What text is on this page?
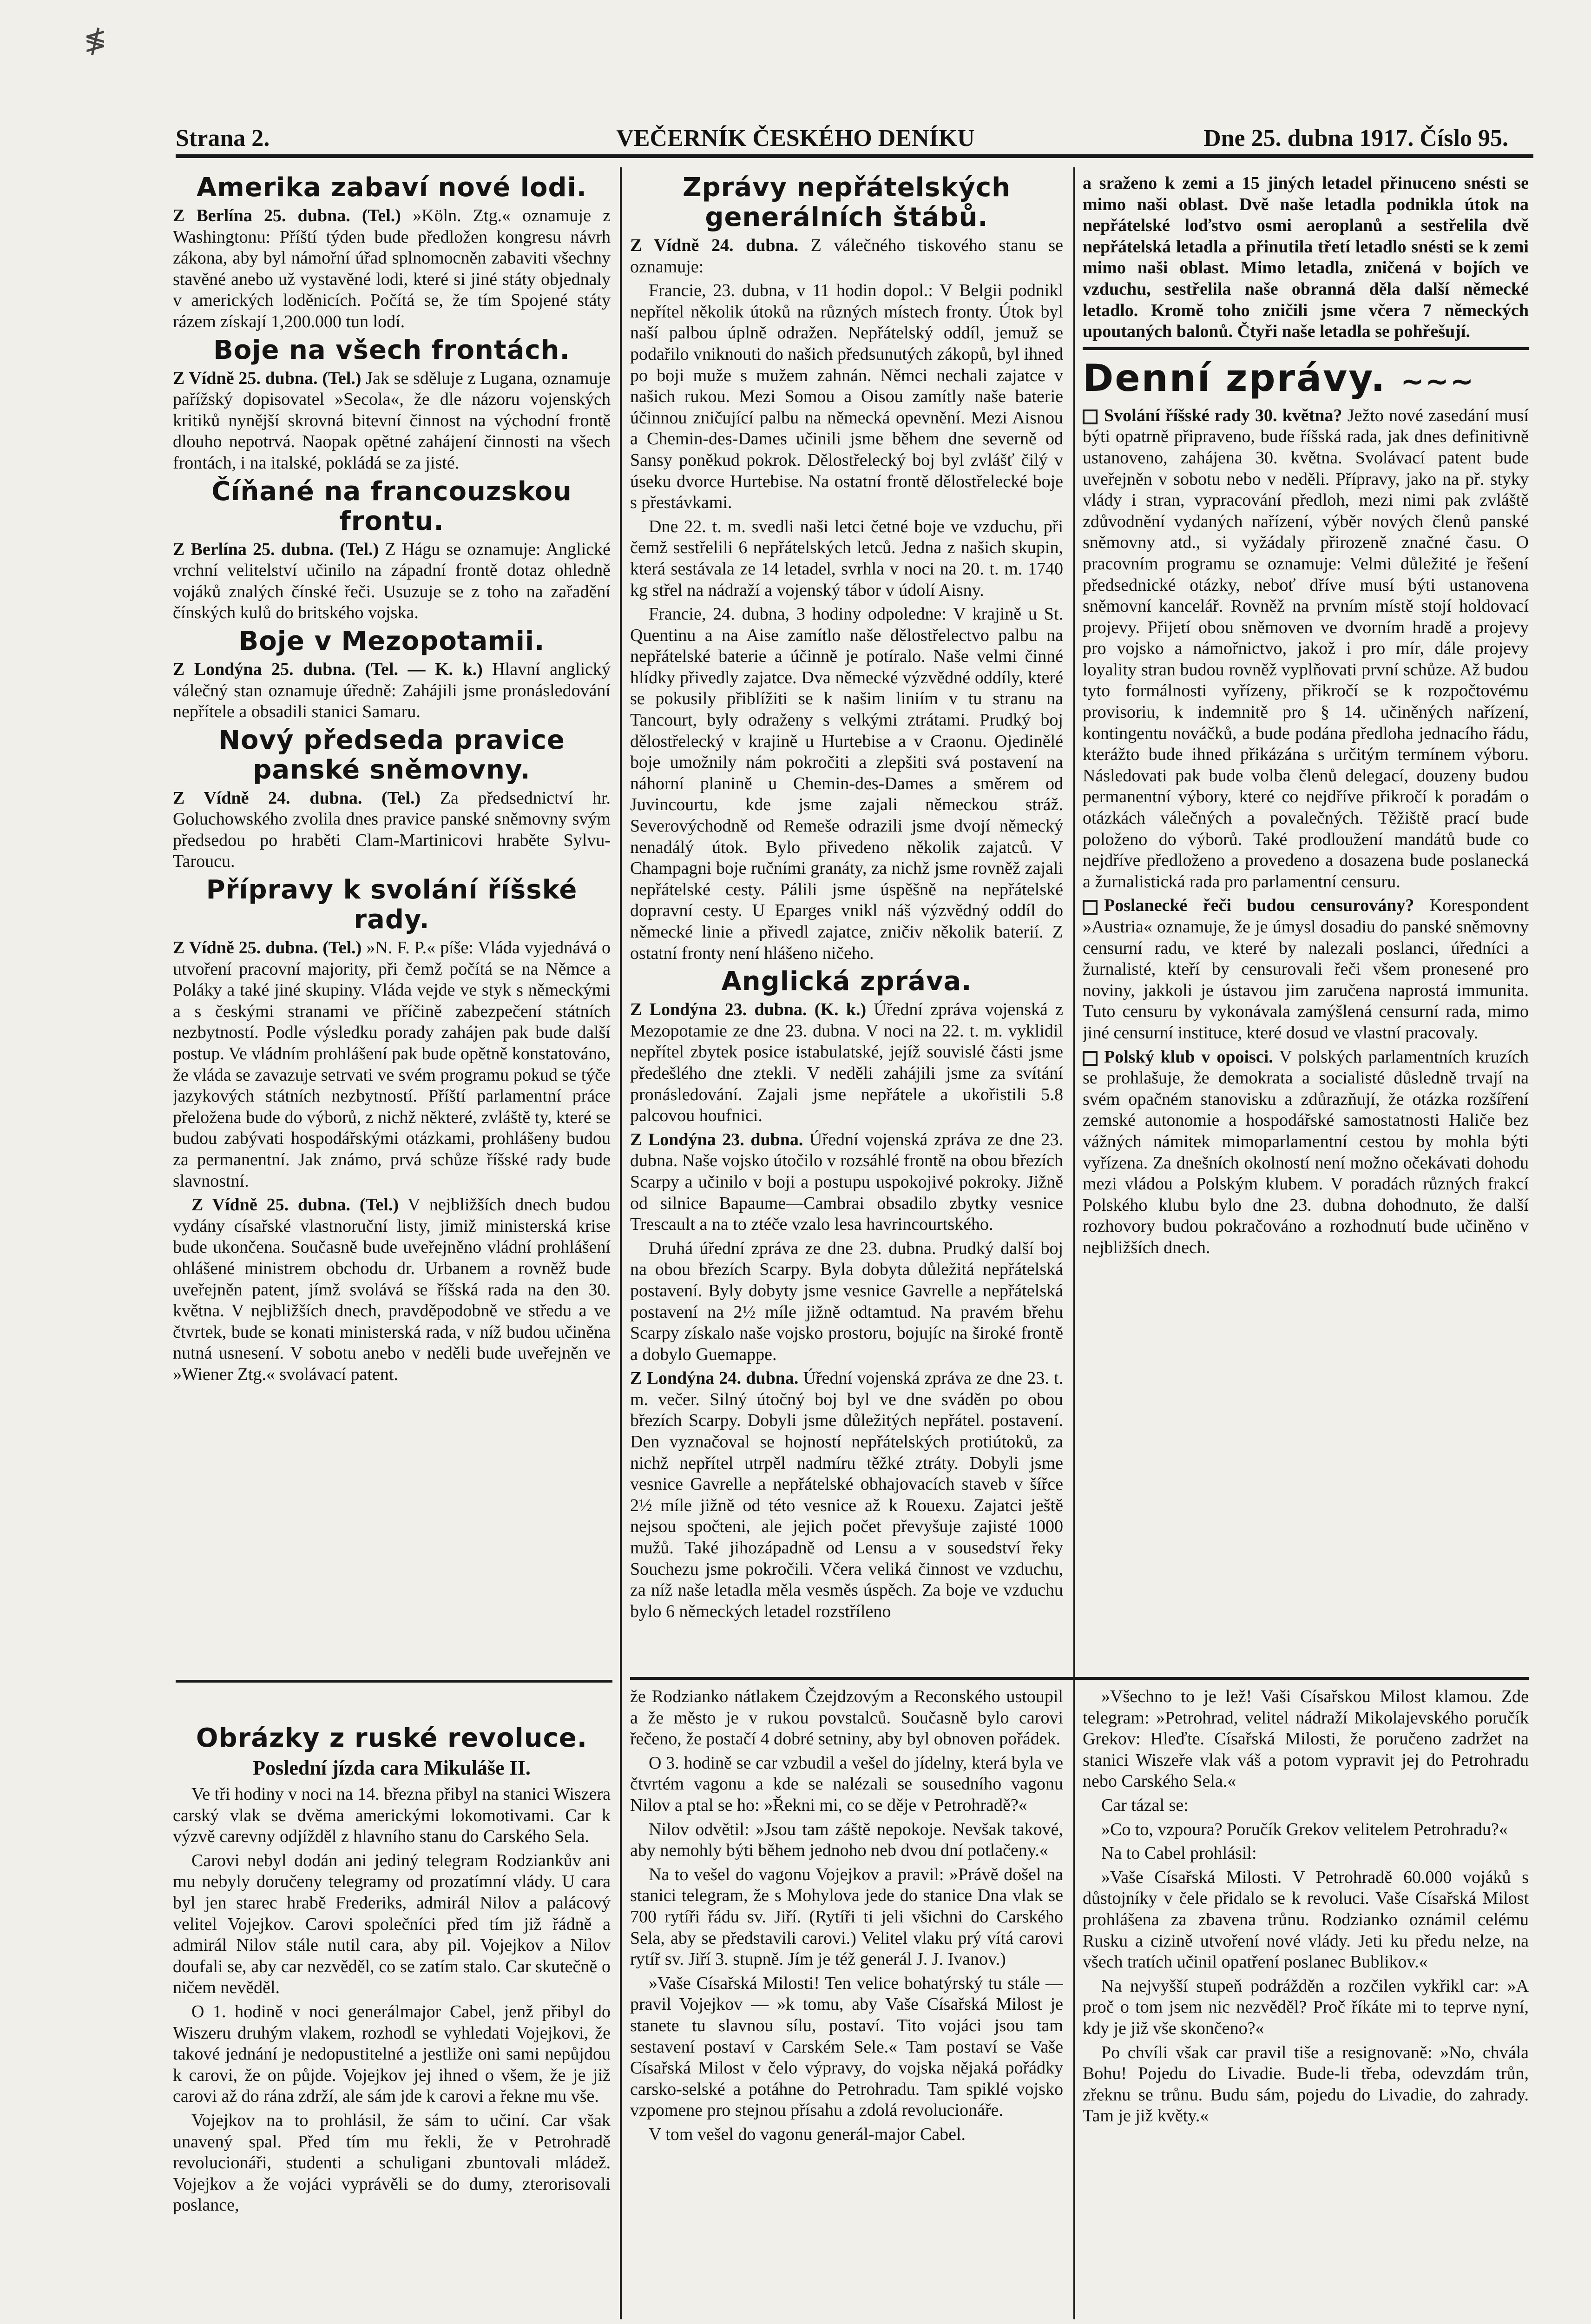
≸
Strana 2.	VEČERNÍK ČESKÉHO DENÍKU	Dne 25. dubna 1917. Číslo 95.
Amerika zabaví nové lodi.

Z Berlína 25. dubna. (Tel.) »Köln. Ztg.« oznamuje z Washingtonu: Příští týden bude předložen kongresu návrh zákona, aby byl námořní úřad splnomocněn zabaviti všechny stavěné anebo už vystavěné lodi, které si jiné státy objednaly v amerických loděnicích. Počítá se, že tím Spojené státy rázem získají 1,200.000 tun lodí.

Boje na všech frontách.

Z Vídně 25. dubna. (Tel.) Jak se sděluje z Lugana, oznamuje pařížský dopisovatel »Secola«, že dle názoru vojenských kritiků nynější skrovná bitevní činnost na východní frontě dlouho nepotrvá. Naopak opětné zahájení činnosti na všech frontách, i na italské, pokládá se za jisté.

Číňané na francouzskou frontu.

Z Berlína 25. dubna. (Tel.) Z Hágu se oznamuje: Anglické vrchní velitelství učinilo na západní frontě dotaz ohledně vojáků znalých čínské řeči. Usuzuje se z toho na zařadění čínských kulů do britského vojska.

Boje v Mezopotamii.

Z Londýna 25. dubna. (Tel. — K. k.) Hlavní anglický válečný stan oznamuje úředně: Zahájili jsme pronásledování nepřítele a obsadili stanici Samaru.

Nový předseda pravice panské sněmovny.

Z Vídně 24. dubna. (Tel.) Za předsednictví hr. Goluchowského zvolila dnes pravice panské sněmovny svým předsedou po hraběti Clam-Martinicovi hraběte Sylvu-Taroucu.

Přípravy k svolání říšské rady.

Z Vídně 25. dubna. (Tel.) »N. F. P.« píše: Vláda vyjednává o utvoření pracovní majority, při čemž počítá se na Němce a Poláky a také jiné skupiny. Vláda vejde ve styk s německými a s českými stranami ve příčině zabezpečení státních nezbytností. Podle výsledku porady zahájen pak bude další postup. Ve vládním prohlášení pak bude opětně konstatováno, že vláda se zavazuje setrvati ve svém programu pokud se týče jazykových státních nezbytností. Příští parlamentní práce přeložena bude do výborů, z nichž některé, zvláště ty, které se budou zabývati hospodářskými otázkami, prohlášeny budou za permanentní. Jak známo, prvá schůze říšské rady bude slavnostní.

Z Vídně 25. dubna. (Tel.) V nejbližších dnech budou vydány císařské vlastnoruční listy, jimiž ministerská krise bude ukončena. Současně bude uveřejněno vládní prohlášení ohlášené ministrem obchodu dr. Urbanem a rovněž bude uveřejněn patent, jímž svolává se říšská rada na den 30. května. V nejbližších dnech, pravděpodobně ve středu a ve čtvrtek, bude se konati ministerská rada, v níž budou učiněna nutná usnesení. V sobotu anebo v neděli bude uveřejněn ve »Wiener Ztg.« svolávací patent.

Zprávy nepřátelských generálních štábů.

Z Vídně 24. dubna. Z válečného tiskového stanu se oznamuje:

Francie, 23. dubna, v 11 hodin dopol.: V Belgii podnikl nepřítel několik útoků na různých místech fronty. Útok byl naší palbou úplně odražen. Nepřátelský oddíl, jemuž se podařilo vniknouti do našich předsunutých zákopů, byl ihned po boji muže s mužem zahnán. Němci nechali zajatce v našich rukou. Mezi Somou a Oisou zamítly naše baterie účinnou zničující palbu na německá opevnění. Mezi Aisnou a Chemin-des-Dames učinili jsme během dne severně od Sansy poněkud pokrok. Dělostřelecký boj byl zvlášť čilý v úseku dvorce Hurtebise. Na ostatní frontě dělostřelecké boje s přestávkami.

Dne 22. t. m. svedli naši letci četné boje ve vzduchu, při čemž sestřelili 6 nepřátelských letců. Jedna z našich skupin, která sestávala ze 14 letadel, svrhla v noci na 20. t. m. 1740 kg střel na nádraží a vojenský tábor v údolí Aisny.

Francie, 24. dubna, 3 hodiny odpoledne: V krajině u St. Quentinu a na Aise zamítlo naše dělostřelectvo palbu na nepřátelské baterie a účinně je potíralo. Naše velmi činné hlídky přivedly zajatce. Dva německé výzvědné oddíly, které se pokusily přiblížiti se k našim liniím v tu stranu na Tancourt, byly odraženy s velkými ztrátami. Prudký boj dělostřelecký v krajině u Hurtebise a v Craonu. Ojedinělé boje umožnily nám pokročiti a zlepšiti svá postavení na náhorní planině u Chemin-des-Dames a směrem od Juvincourtu, kde jsme zajali německou stráž. Severovýchodně od Remeše odrazili jsme dvojí německý nenadálý útok. Bylo přivedeno několik zajatců. V Champagni boje ručními granáty, za nichž jsme rovněž zajali nepřátelské cesty. Pálili jsme úspěšně na nepřátelské dopravní cesty. U Eparges vnikl náš výzvědný oddíl do německé linie a přivedl zajatce, zničiv několik baterií. Z ostatní fronty není hlášeno ničeho.

Anglická zpráva.

Z Londýna 23. dubna. (K. k.) Úřední zpráva vojenská z Mezopotamie ze dne 23. dubna. V noci na 22. t. m. vyklidil nepřítel zbytek posice istabulatské, jejíž souvislé části jsme předešlého dne ztekli. V neděli zahájili jsme za svítání pronásledování. Zajali jsme nepřátele a ukořistili 5.8 palcovou houfnici.

Z Londýna 23. dubna. Úřední vojenská zpráva ze dne 23. dubna. Naše vojsko útočilo v rozsáhlé frontě na obou březích Scarpy a učinilo v boji a postupu uspokojivé pokroky. Jižně od silnice Bapaume—Cambrai obsadilo zbytky vesnice Trescault a na to ztéče vzalo lesa havrincourtského.

Druhá úřední zpráva ze dne 23. dubna. Prudký další boj na obou březích Scarpy. Byla dobyta důležitá nepřátelská postavení. Byly dobyty jsme vesnice Gavrelle a nepřátelská postavení na 2½ míle jižně odtamtud. Na pravém břehu Scarpy získalo naše vojsko prostoru, bojujíc na široké frontě a dobylo Guemappe.

Z Londýna 24. dubna. Úřední vojenská zpráva ze dne 23. t. m. večer. Silný útočný boj byl ve dne sváděn po obou březích Scarpy. Dobyli jsme důležitých nepřátel. postavení. Den vyznačoval se hojností nepřátelských protiútoků, za nichž nepřítel utrpěl nadmíru těžké ztráty. Dobyli jsme vesnice Gavrelle a nepřátelské obhajovacích staveb v šířce 2½ míle jižně od této vesnice až k Rouexu. Zajatci ještě nejsou spočteni, ale jejich počet převyšuje zajisté 1000 mužů. Také jihozápadně od Lensu a v sousedství řeky Souchezu jsme pokročili. Včera veliká činnost ve vzduchu, za níž naše letadla měla vesměs úspěch. Za boje ve vzduchu bylo 6 německých letadel rozstříleno

a sraženo k zemi a 15 jiných letadel přinuceno snésti se mimo naši oblast. Dvě naše letadla podnikla útok na nepřátelské loďstvo osmi aeroplanů a sestřelila dvě nepřátelská letadla a přinutila třetí letadlo snésti se k zemi mimo naši oblast. Mimo letadla, zničená v bojích ve vzduchu, sestřelila naše obranná děla další německé letadlo. Kromě toho zničili jsme včera 7 německých upoutaných balonů. Čtyři naše letadla se pohřešují.

Denní zprávy. ~~~

Svolání říšské rady 30. května? Ježto nové zasedání musí býti opatrně připraveno, bude říšská rada, jak dnes definitivně ustanoveno, zahájena 30. května. Svolávací patent bude uveřejněn v sobotu nebo v neděli. Přípravy, jako na př. styky vlády i stran, vypracování předloh, mezi nimi pak zvláště zdůvodnění vydaných nařízení, výběr nových členů panské sněmovny atd., si vyžádaly přirozeně značné času. O pracovním programu se oznamuje: Velmi důležité je řešení předsednické otázky, neboť dříve musí býti ustanovena sněmovní kancelář. Rovněž na prvním místě stojí holdovací projevy. Přijetí obou sněmoven ve dvorním hradě a projevy pro vojsko a námořnictvo, jakož i pro mír, dále projevy loyality stran budou rovněž vyplňovati první schůze. Až budou tyto formálnosti vyřízeny, přikročí se k rozpočtovému provisoriu, k indemnitě pro § 14. učiněných nařízení, kontingentu nováčků, a bude podána předloha jednacího řádu, kterážto bude ihned přikázána s určitým termínem výboru. Následovati pak bude volba členů delegací, douzeny budou permanentní výbory, které co nejdříve přikročí k poradám o otázkách válečných a povalečných. Těžiště prací bude položeno do výborů. Také prodloužení mandátů bude co nejdříve předloženo a provedeno a dosazena bude poslanecká a žurnalistická rada pro parlamentní censuru.

Poslanecké řeči budou censurovány? Korespondent »Austria« oznamuje, že je úmysl dosadiu do panské sněmovny censurní radu, ve které by nalezali poslanci, úředníci a žurnalisté, kteří by censurovali řeči všem pronesené pro noviny, jakkoli je ústavou jim zaručena naprostá immunita. Tuto censuru by vykonávala zamýšlená censurní rada, mimo jiné censurní instituce, které dosud ve vlastní pracovaly.

Polský klub v opoisci. V polských parlamentních kruzích se prohlašuje, že demokrata a socialisté důsledně trvají na svém opačném stanovisku a zdůrazňují, že otázka rozšíření zemské autonomie a hospodářské samostatnosti Haliče bez vážných námitek mimoparlamentní cestou by mohla býti vyřízena. Za dnešních okolností není možno očekávati dohodu mezi vládou a Polským klubem. V poradách různých frakcí Polského klubu bylo dne 23. dubna dohodnuto, že další rozhovory budou pokračováno a rozhodnutí bude učiněno v nejbližších dnech.

Obrázky z ruské revoluce.
Poslední jízda cara Mikuláše II.

Ve tři hodiny v noci na 14. března přibyl na stanici Wiszera carský vlak se dvěma americkými lokomotivami. Car k výzvě carevny odjížděl z hlavního stanu do Carského Sela.

Carovi nebyl dodán ani jediný telegram Rodziankův ani mu nebyly doručeny telegramy od prozatímní vlády. U cara byl jen starec hrabě Frederiks, admirál Nilov a palácový velitel Vojejkov. Carovi společníci před tím již řádně a admirál Nilov stále nutil cara, aby pil. Vojejkov a Nilov doufali se, aby car nezvěděl, co se zatím stalo. Car skutečně o ničem nevěděl.

O 1. hodině v noci generálmajor Cabel, jenž přibyl do Wiszeru druhým vlakem, rozhodl se vyhledati Vojejkovi, že takové jednání je nedopustitelné a jestliže oni sami nepůjdou k carovi, že on půjde. Vojejkov jej ihned o všem, že je již carovi až do rána zdrží, ale sám jde k carovi a řekne mu vše.

Vojejkov na to prohlásil, že sám to učiní. Car však unavený spal. Před tím mu řekli, že v Petrohradě revolucionáři, studenti a schuligani zbuntovali mládež. Vojejkov a že vojáci vyprávěli se do dumy, zterorisovali poslance,

že Rodzianko nátlakem Čzejdzovým a Reconského ustoupil a že město je v rukou povstalců. Současně bylo carovi řečeno, že postačí 4 dobré setniny, aby byl obnoven pořádek.

O 3. hodině se car vzbudil a vešel do jídelny, která byla ve čtvrtém vagonu a kde se nalézali se sousedního vagonu Nilov a ptal se ho: »Řekni mi, co se děje v Petrohradě?«

Nilov odvětil: »Jsou tam záště nepokoje. Nevšak takové, aby nemohly býti během jednoho neb dvou dní potlačeny.«

Na to vešel do vagonu Vojejkov a pravil: »Právě došel na stanici telegram, že s Mohylova jede do stanice Dna vlak se 700 rytíři řádu sv. Jiří. (Rytíři ti jeli všichni do Carského Sela, aby se představili carovi.) Velitel vlaku prý vítá carovi rytíř sv. Jiří 3. stupně. Jím je též generál J. J. Ivanov.)

»Vaše Císařská Milosti! Ten velice bohatýrský tu stále — pravil Vojejkov — »k tomu, aby Vaše Císařská Milost je stanete tu slavnou sílu, postaví. Tito vojáci jsou tam sestavení postaví v Carském Sele.« Tam postaví se Vaše Císařská Milost v čelo výpravy, do vojska nějaká pořádky carsko-selské a potáhne do Petrohradu. Tam spiklé vojsko vzpomene pro stejnou přísahu a zdolá revolucionáře.

V tom vešel do vagonu generál-major Cabel.

»Všechno to je lež! Vaši Císařskou Milost klamou. Zde telegram: »Petrohrad, velitel nádraží Mikolajevského poručík Grekov: Hleďte. Císařská Milosti, že poručeno zadržet na stanici Wiszeře vlak váš a potom vypravit jej do Petrohradu nebo Carského Sela.«

Car tázal se:

»Co to, vzpoura? Poručík Grekov velitelem Petrohradu?«

Na to Cabel prohlásil:

»Vaše Císařská Milosti. V Petrohradě 60.000 vojáků s důstojníky v čele přidalo se k revoluci. Vaše Císařská Milost prohlášena za zbavena trůnu. Rodzianko oznámil celému Rusku a cizině utvoření nové vlády. Jeti ku předu nelze, na všech tratích učinil opatření poslanec Bublikov.«

Na nejvyšší stupeň podrážděn a rozčilen vykřikl car: »A proč o tom jsem nic nezvěděl? Proč říkáte mi to teprve nyní, kdy je již vše skončeno?«

Po chvíli však car pravil tiše a resignovaně: »No, chvála Bohu! Pojedu do Livadie. Bude-li třeba, odevzdám trůn, zřeknu se trůnu. Budu sám, pojedu do Livadie, do zahrady. Tam je již květy.«
